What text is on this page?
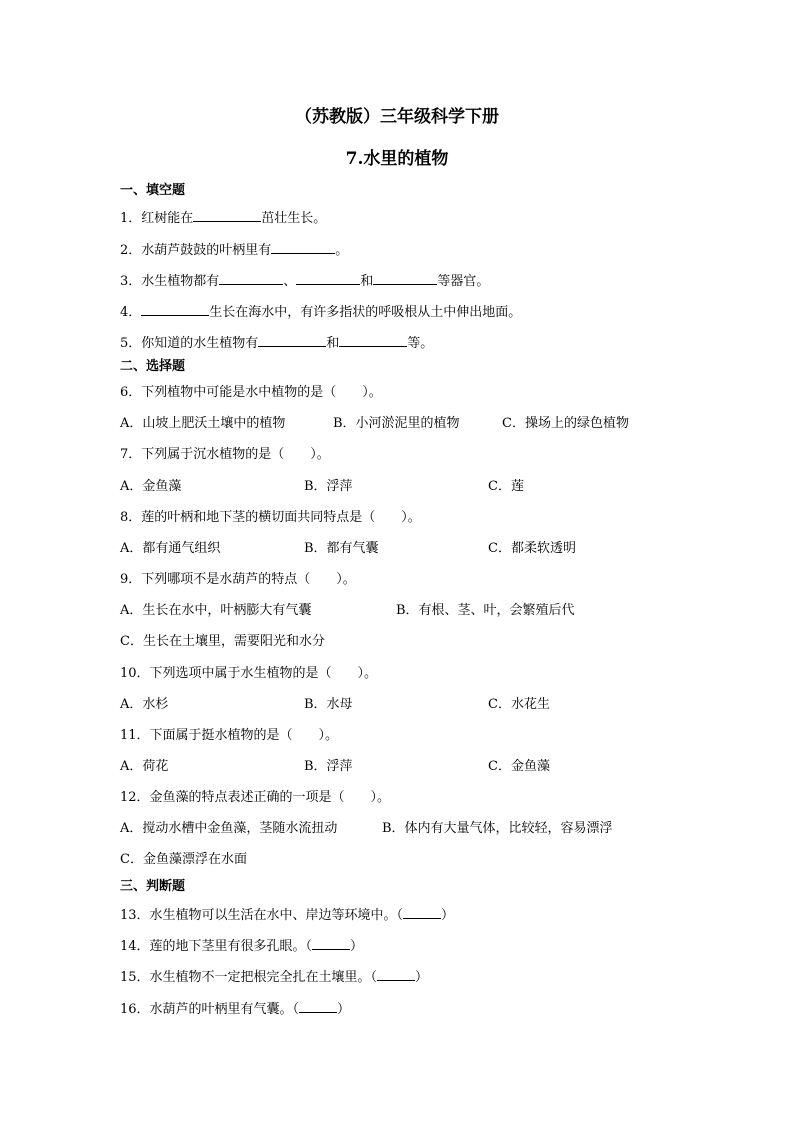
（苏教版）三年级科学下册
7.水里的植物
一、填空题
1．红树能在	茁壮生长。
2．水葫芦鼓鼓的叶柄里有	。
3．水生植物都有	、	和	等器官。
4．	生长在海水中，有许多指状的呼吸根从土中伸出地面。
5．你知道的水生植物有	和	等。
二、选择题
6．下列植物中可能是水中植物的是（　　）。
A．山坡上肥沃土壤中的植物	B．小河淤泥里的植物	C．操场上的绿色植物
7．下列属于沉水植物的是（　　）。
A．金鱼藻	B．浮萍	C．莲
8．莲的叶柄和地下茎的横切面共同特点是（　　）。
A．都有通气组织	B．都有气囊	C．都柔软透明
9．下列哪项不是水葫芦的特点（　　）。
A．生长在水中，叶柄膨大有气囊	B．有根、茎、叶，会繁殖后代
C．生长在土壤里，需要阳光和水分
10．下列选项中属于水生植物的是（　　）。
A．水杉	B．水母	C．水花生
11．下面属于挺水植物的是（　　）。
A．荷花	B．浮萍	C．金鱼藻
12．金鱼藻的特点表述正确的一项是（　　）。
A．搅动水槽中金鱼藻，茎随水流扭动	B．体内有大量气体，比较轻，容易漂浮
C．金鱼藻漂浮在水面
三、判断题
13．水生植物可以生活在水中、岸边等环境中。（	）
14．莲的地下茎里有很多孔眼。（	）
15．水生植物不一定把根完全扎在土壤里。（	）
16．水葫芦的叶柄里有气囊。（	）
